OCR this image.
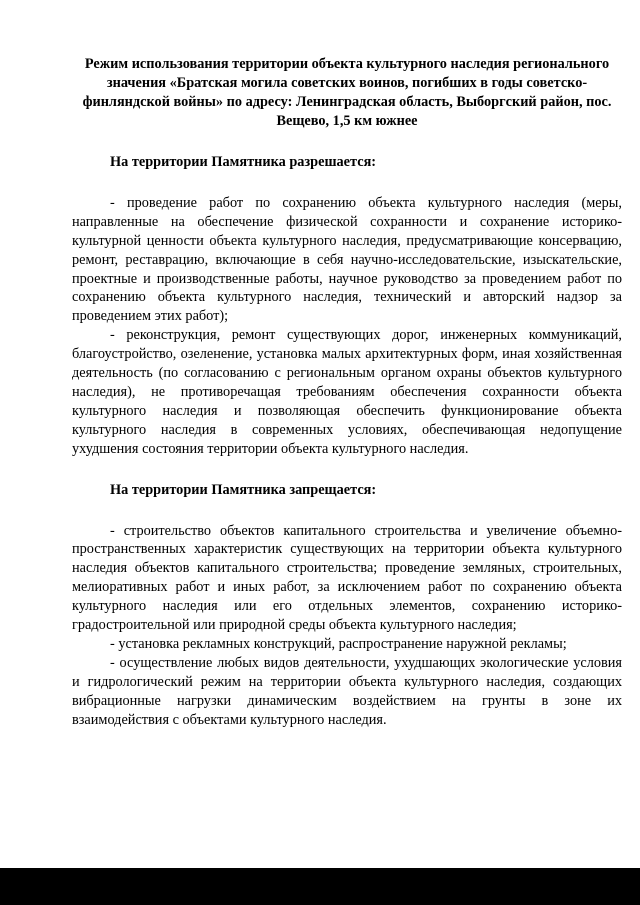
Режим использования территории объекта культурного наследия регионального значения «Братская могила советских воинов, погибших в годы советско-финляндской войны» по адресу: Ленинградская область, Выборгский район, пос. Вещево, 1,5 км южнее

На территории Памятника разрешается:

- проведение работ по сохранению объекта культурного наследия (меры, направленные на обеспечение физической сохранности и сохранение историко-культурной ценности объекта культурного наследия, предусматривающие консервацию, ремонт, реставрацию, включающие в себя научно-исследовательские, изыскательские, проектные и производственные работы, научное руководство за проведением работ по сохранению объекта культурного наследия, технический и авторский надзор за проведением этих работ);

- реконструкция, ремонт существующих дорог, инженерных коммуникаций, благоустройство, озеленение, установка малых архитектурных форм, иная хозяйственная деятельность (по согласованию с региональным органом охраны объектов культурного наследия), не противоречащая требованиям обеспечения сохранности объекта культурного наследия и позволяющая обеспечить функционирование объекта культурного наследия в современных условиях, обеспечивающая недопущение ухудшения состояния территории объекта культурного наследия.

На территории Памятника запрещается:

- строительство объектов капитального строительства и увеличение объемно-пространственных характеристик существующих на территории объекта культурного наследия объектов капитального строительства; проведение земляных, строительных, мелиоративных работ и иных работ, за исключением работ по сохранению объекта культурного наследия или его отдельных элементов, сохранению историко-градостроительной или природной среды объекта культурного наследия;

- установка рекламных конструкций, распространение наружной рекламы;

- осуществление любых видов деятельности, ухудшающих экологические условия и гидрологический режим на территории объекта культурного наследия, создающих вибрационные нагрузки динамическим воздействием на грунты в зоне их взаимодействия с объектами культурного наследия.
